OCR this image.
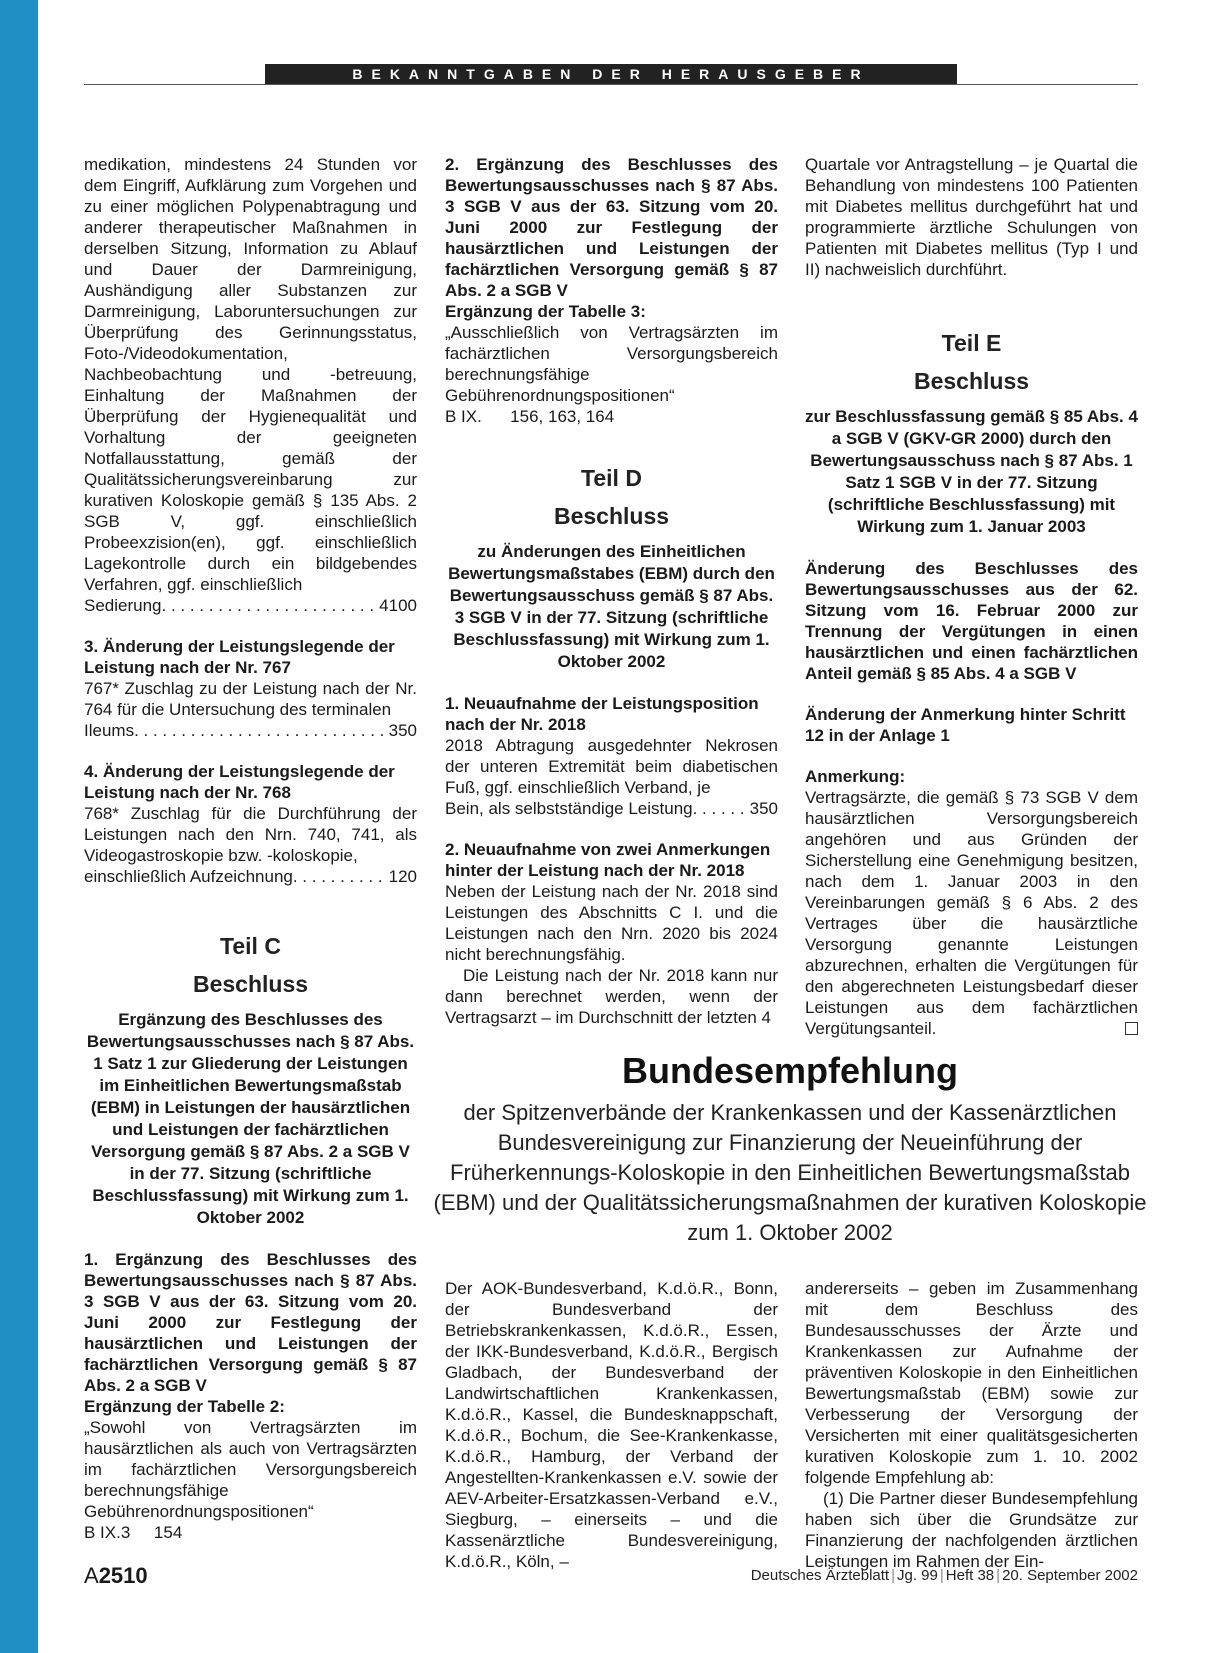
BEKANNTGABEN DER HERAUSGEBER

medikation, mindestens 24 Stunden vor dem Eingriff, Aufklärung zum Vorgehen und zu einer möglichen Polypenabtragung und anderer therapeutischer Maßnahmen in derselben Sitzung, Information zu Ablauf und Dauer der Darmreinigung, Aushändigung aller Substanzen zur Darmreinigung, Laboruntersuchungen zur Überprüfung des Gerinnungsstatus, Foto-/Videodokumentation, Nachbeobachtung und -betreuung, Einhaltung der Maßnahmen der Überprüfung der Hygienequalität und Vorhaltung der geeigneten Notfallausstattung, gemäß der Qualitätssicherungsvereinbarung zur kurativen Koloskopie gemäß § 135 Abs. 2 SGB V, ggf. einschließlich Probeexzision(en), ggf. einschließlich Lagekontrolle durch ein bildgebendes Verfahren, ggf. einschließlich

Sedierung . . .	4100

3. Änderung der Leistungslegende der Leistung nach der Nr. 767

767* Zuschlag zu der Leistung nach der Nr. 764 für die Untersuchung des terminalen

Ileums . . .	350

4. Änderung der Leistungslegende der Leistung nach der Nr. 768

768* Zuschlag für die Durchführung der Leistungen nach den Nrn. 740, 741, als Videogastroskopie bzw. -koloskopie,

einschließlich Aufzeichnung . . .	120
Teil C
Beschluss

Ergänzung des Beschlusses des Bewertungsausschusses nach § 87 Abs. 1 Satz 1 zur Gliederung der Leistungen im Einheitlichen Bewertungsmaßstab (EBM) in Leistungen der hausärztlichen und Leistungen der fachärztlichen Versorgung gemäß § 87 Abs. 2 a SGB V in der 77. Sitzung (schriftliche Beschlussfassung) mit Wirkung zum 1. Oktober 2002

1. Ergänzung des Beschlusses des Bewertungsausschusses nach § 87 Abs. 3 SGB V aus der 63. Sitzung vom 20. Juni 2000 zur Festlegung der hausärztlichen und Leistungen der fachärztlichen Versorgung gemäß § 87 Abs. 2 a SGB V

Ergänzung der Tabelle 2:

„Sowohl von Vertragsärzten im hausärztlichen als auch von Vertragsärzten im fachärztlichen Versorgungsbereich berechnungsfähige Gebührenordnungspositionen“

B IX.3     154

2. Ergänzung des Beschlusses des Bewertungsausschusses nach § 87 Abs. 3 SGB V aus der 63. Sitzung vom 20. Juni 2000 zur Festlegung der hausärztlichen und Leistungen der fachärztlichen Versorgung gemäß § 87 Abs. 2 a SGB V

Ergänzung der Tabelle 3:

„Ausschließlich von Vertragsärzten im fachärztlichen Versorgungsbereich berechnungsfähige Gebührenordnungspositionen“

B IX.      156, 163, 164

Teil D
Beschluss

zu Änderungen des Einheitlichen Bewertungsmaßstabes (EBM) durch den Bewertungsausschuss gemäß § 87 Abs. 3 SGB V in der 77. Sitzung (schriftliche Beschlussfassung) mit Wirkung zum 1. Oktober 2002

1. Neuaufnahme der Leistungsposition nach der Nr. 2018

2018 Abtragung ausgedehnter Nekrosen der unteren Extremität beim diabetischen Fuß, ggf. einschließlich Verband, je

Bein, als selbstständige Leistung . . .	350

2. Neuaufnahme von zwei Anmerkungen hinter der Leistung nach der Nr. 2018

Neben der Leistung nach der Nr. 2018 sind Leistungen des Abschnitts C I. und die Leistungen nach den Nrn. 2020 bis 2024 nicht berechnungsfähig.

Die Leistung nach der Nr. 2018 kann nur dann berechnet werden, wenn der Vertragsarzt – im Durchschnitt der letzten 4

Quartale vor Antragstellung – je Quartal die Behandlung von mindestens 100 Patienten mit Diabetes mellitus durchgeführt hat und programmierte ärztliche Schulungen von Patienten mit Diabetes mellitus (Typ I und II) nachweislich durchführt.

Teil E
Beschluss

zur Beschlussfassung gemäß § 85 Abs. 4 a SGB V (GKV-GR 2000) durch den Bewertungsausschuss nach § 87 Abs. 1 Satz 1 SGB V in der 77. Sitzung (schriftliche Beschlussfassung) mit Wirkung zum 1. Januar 2003

Änderung des Beschlusses des Bewertungsausschusses aus der 62. Sitzung vom 16. Februar 2000 zur Trennung der Vergütungen in einen hausärztlichen und einen fachärztlichen Anteil gemäß § 85 Abs. 4 a SGB V

Änderung der Anmerkung hinter Schritt 12 in der Anlage 1

Anmerkung:

Vertragsärzte, die gemäß § 73 SGB V dem hausärztlichen Versorgungsbereich angehören und aus Gründen der Sicherstellung eine Genehmigung besitzen, nach dem 1. Januar 2003 in den Vereinbarungen gemäß § 6 Abs. 2 des Vertrages über die hausärztliche Versorgung genannte Leistungen abzurechnen, erhalten die Vergütungen für den abgerechneten Leistungsbedarf dieser Leistungen aus dem fachärztlichen Vergütungsanteil.

Bundesempfehlung
der Spitzenverbände der Krankenkassen und der Kassenärztlichen Bundesvereinigung zur Finanzierung der Neueinführung der Früherkennungs-Koloskopie in den Einheitlichen Bewertungsmaßstab (EBM) und der Qualitätssicherungsmaßnahmen der kurativen Koloskopie zum 1. Oktober 2002

Der AOK-Bundesverband, K.d.ö.R., Bonn, der Bundesverband der Betriebskrankenkassen, K.d.ö.R., Essen, der IKK-Bundesverband, K.d.ö.R., Bergisch Gladbach, der Bundesverband der Landwirtschaftlichen Krankenkassen, K.d.ö.R., Kassel, die Bundesknappschaft, K.d.ö.R., Bochum, die See-Krankenkasse, K.d.ö.R., Hamburg, der Verband der Angestellten-Krankenkassen e.V. sowie der AEV-Arbeiter-Ersatzkassen-Verband e.V., Siegburg, – einerseits – und die Kassenärztliche Bundesvereinigung, K.d.ö.R., Köln, –

andererseits – geben im Zusammenhang mit dem Beschluss des Bundesausschusses der Ärzte und Krankenkassen zur Aufnahme der präventiven Koloskopie in den Einheitlichen Bewertungsmaßstab (EBM) sowie zur Verbesserung der Versorgung der Versicherten mit einer qualitätsgesicherten kurativen Koloskopie zum 1. 10. 2002 folgende Empfehlung ab:

(1) Die Partner dieser Bundesempfehlung haben sich über die Grundsätze zur Finanzierung der nachfolgenden ärztlichen Leistungen im Rahmen der Ein-

A2510	Deutsches Ärzteblatt | Jg. 99 | Heft 38 | 20. September 2002
